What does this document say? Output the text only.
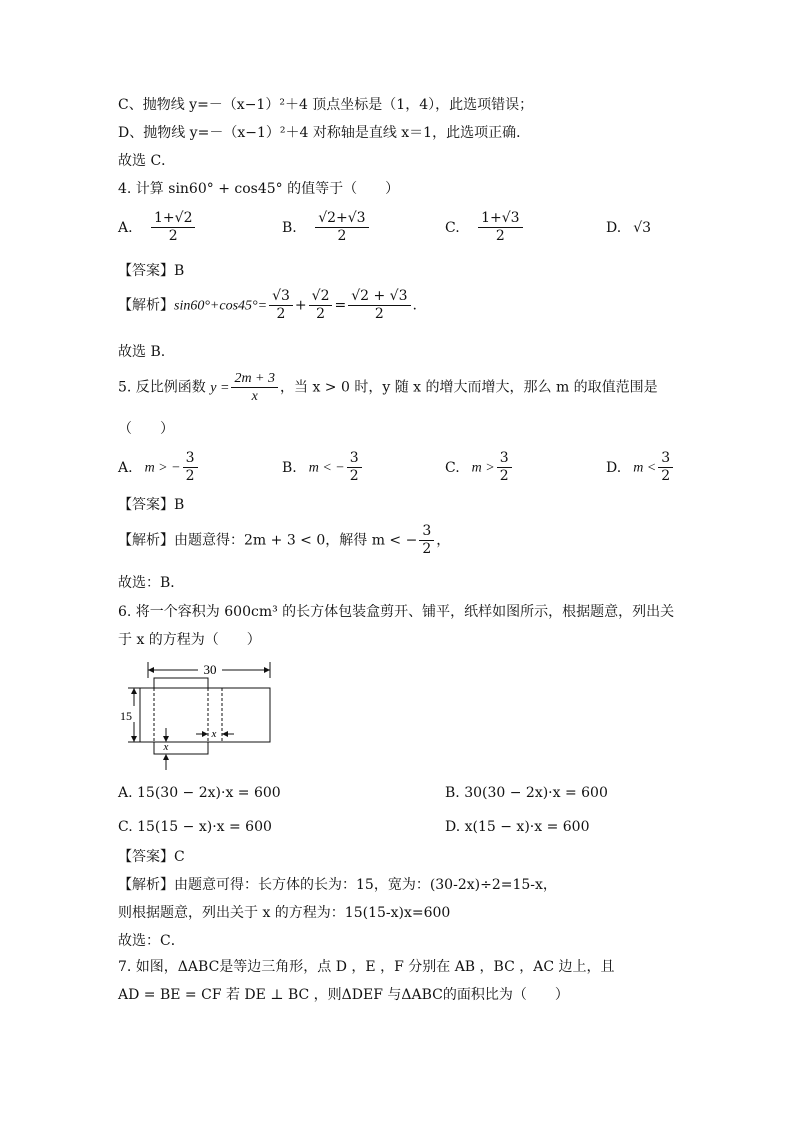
C、抛物线 y=－（x−1）²＋4 顶点坐标是（1，4），此选项错误；
D、抛物线 y=－（x−1）²＋4 对称轴是直线 x＝1，此选项正确．
故选 C．
4. 计算 sin60° + cos45° 的值等于（　　）
A. $\frac{1+√2}{2}$	B. $\frac{√2+√3}{2}$	C. $\frac{1+√3}{2}$	D. √3
【答案】B
【解析】$\sin 60^\circ+\cos 45^\circ= \frac{√3}{2} + \frac{√2}{2} = \frac{√2 + √3}{2}$ .
故选 B.
5. 反比例函数 $y = \frac{2m + 3}{x}$ ，当 x > 0 时，y 随 x 的增大而增大，那么 m 的取值范围是
（　　）
A. m > − $\frac{3}{2}$	B. m < − $\frac{3}{2}$	C. $m > \frac{3}{2}$	D. $m < \frac{3}{2}$
【答案】B
【解析】由题意得：2m + 3 < 0，解得 m < − $\frac{3}{2}$ ，
故选：B．
6. 将一个容积为 600cm³ 的长方体包装盒剪开、铺平，纸样如图所示，根据题意，列出关
于 x 的方程为（　　）
30
15
x
x
A. 15(30 − 2x)·x = 600	B. 30(30 − 2x)·x = 600
C. 15(15 − x)·x = 600	D. x(15 − x)·x = 600
【答案】C
【解析】由题意可得：长方体的长为：15，宽为：(30-2x)÷2=15-x，
则根据题意，列出关于 x 的方程为：15(15-x)x=600
故选：C．
7. 如图，ΔABC是等边三角形，点 D ，E ，F 分别在 AB ，BC ，AC 边上，且
AD = BE = CF 若 DE ⊥ BC ，则ΔDEF 与ΔABC的面积比为（　　）
